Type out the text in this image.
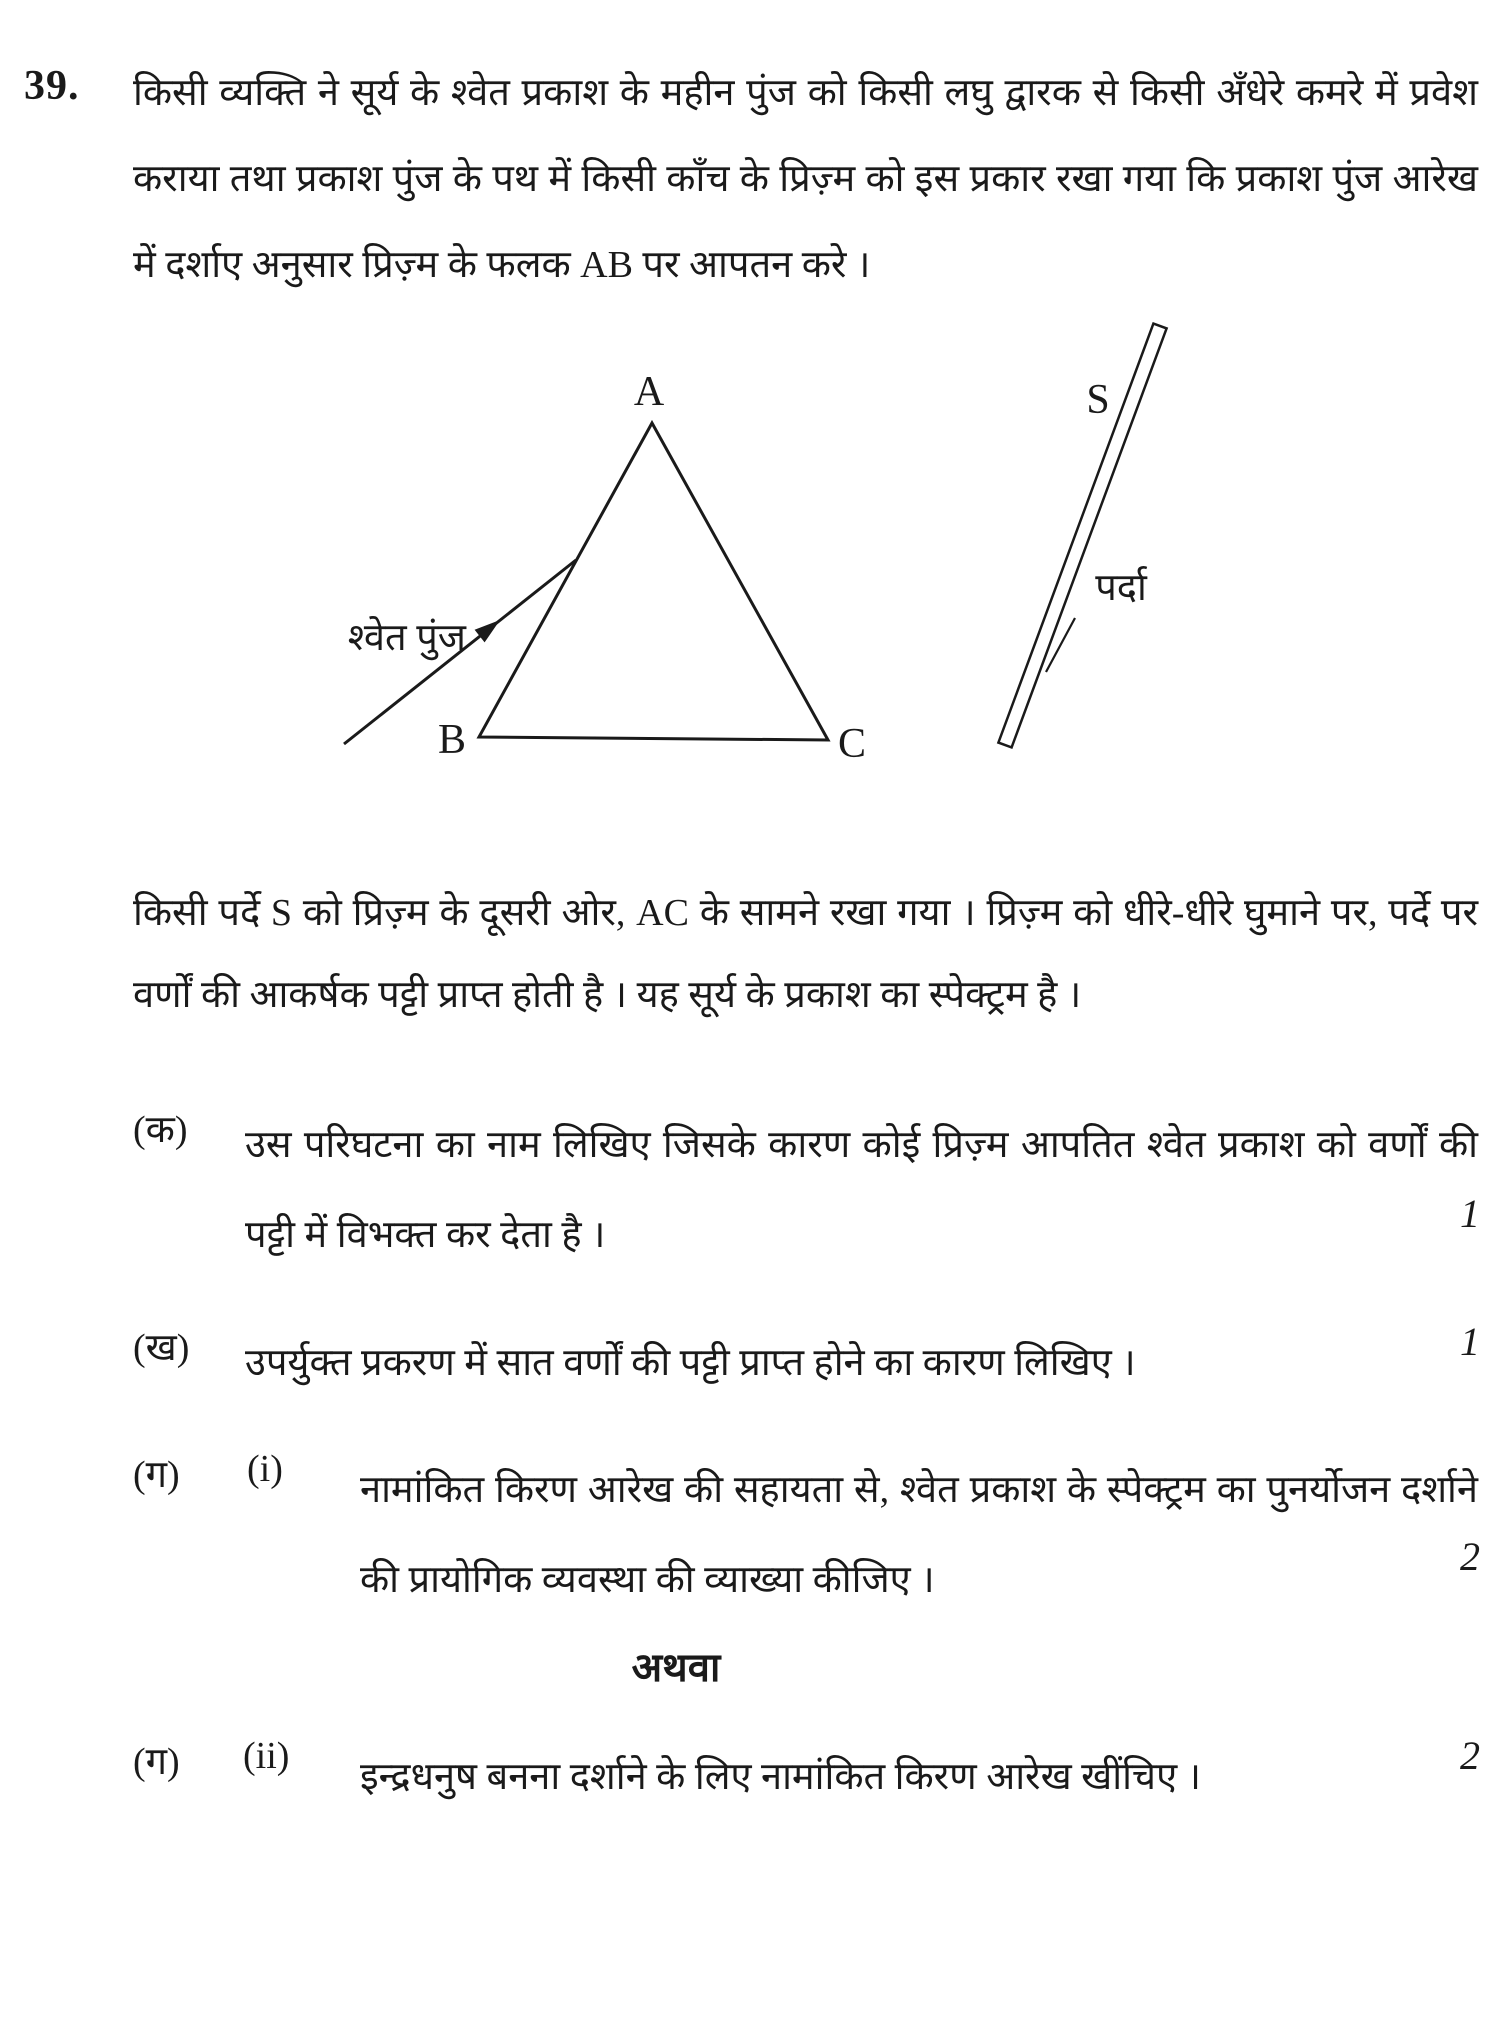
39. किसी व्यक्ति ने सूर्य के श्वेत प्रकाश के महीन पुंज को किसी लघु द्वारक से किसी अँधेरे कमरे में प्रवेश
कराया तथा प्रकाश पुंज के पथ में किसी काँच के प्रिज़्म को इस प्रकार रखा गया कि प्रकाश पुंज आरेख
में दर्शाए अनुसार प्रिज़्म के फलक AB पर आपतन करे ।
A
B	C
S
श्वेत पुंज
पर्दा
किसी पर्दे S को प्रिज़्म के दूसरी ओर, AC के सामने रखा गया । प्रिज़्म को धीरे-धीरे घुमाने पर, पर्दे पर
वर्णों की आकर्षक पट्टी प्राप्त होती है । यह सूर्य के प्रकाश का स्पेक्ट्रम है ।
(क) उस परिघटना का नाम लिखिए जिसके कारण कोई प्रिज़्म आपतित श्वेत प्रकाश को वर्णों की
पट्टी में विभक्त कर देता है ।	1
(ख) उपर्युक्त प्रकरण में सात वर्णों की पट्टी प्राप्त होने का कारण लिखिए ।	1
(ग) (i) नामांकित किरण आरेख की सहायता से, श्वेत प्रकाश के स्पेक्ट्रम का पुनर्योजन दर्शाने
की प्रायोगिक व्यवस्था की व्याख्या कीजिए ।
2
अथवा
(ग) (ii) इन्द्रधनुष बनना दर्शाने के लिए नामांकित किरण आरेख खींचिए ।	2
